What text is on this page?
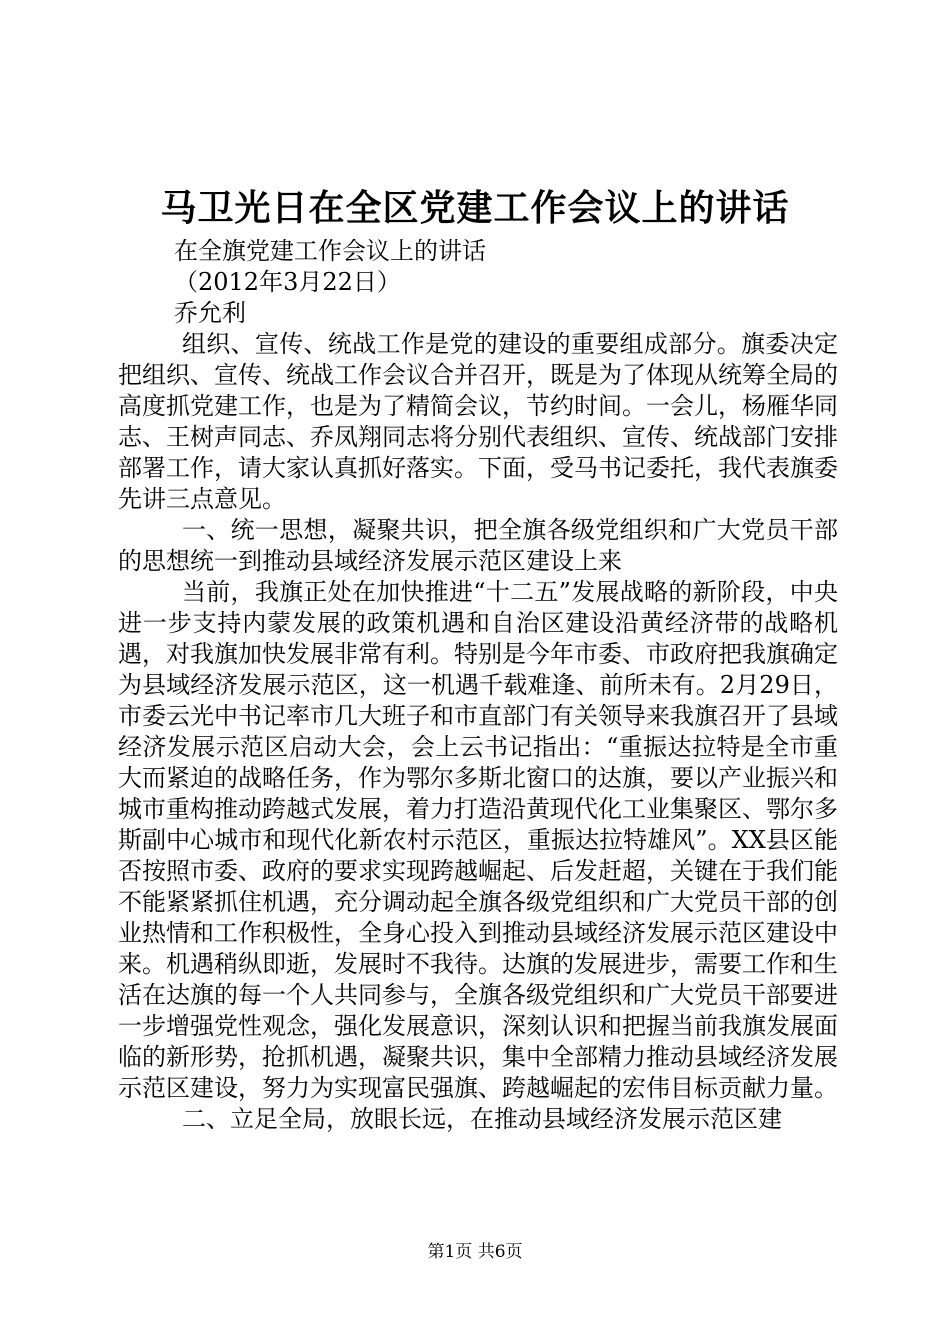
马卫光日在全区党建工作会议上的讲话

在全旗党建工作会议上的讲话

（2012年3月22日）

乔允利

组织、宣传、统战工作是党的建设的重要组成部分。旗委决定把组织、宣传、统战工作会议合并召开，既是为了体现从统筹全局的高度抓党建工作，也是为了精简会议，节约时间。一会儿，杨雁华同志、王树声同志、乔凤翔同志将分别代表组织、宣传、统战部门安排部署工作，请大家认真抓好落实。下面，受马书记委托，我代表旗委先讲三点意见。

一、统一思想，凝聚共识，把全旗各级党组织和广大党员干部的思想统一到推动县域经济发展示范区建设上来

当前，我旗正处在加快推进“十二五”发展战略的新阶段，中央进一步支持内蒙发展的政策机遇和自治区建设沿黄经济带的战略机遇，对我旗加快发展非常有利。特别是今年市委、市政府把我旗确定为县域经济发展示范区，这一机遇千载难逢、前所未有。2月29日，市委云光中书记率市几大班子和市直部门有关领导来我旗召开了县域经济发展示范区启动大会，会上云书记指出：“重振达拉特是全市重大而紧迫的战略任务，作为鄂尔多斯北窗口的达旗，要以产业振兴和城市重构推动跨越式发展，着力打造沿黄现代化工业集聚区、鄂尔多斯副中心城市和现代化新农村示范区，重振达拉特雄风”。XX县区能否按照市委、政府的要求实现跨越崛起、后发赶超，关键在于我们能不能紧紧抓住机遇，充分调动起全旗各级党组织和广大党员干部的创业热情和工作积极性，全身心投入到推动县域经济发展示范区建设中来。机遇稍纵即逝，发展时不我待。达旗的发展进步，需要工作和生活在达旗的每一个人共同参与，全旗各级党组织和广大党员干部要进一步增强党性观念，强化发展意识，深刻认识和把握当前我旗发展面临的新形势，抢抓机遇，凝聚共识，集中全部精力推动县域经济发展示范区建设，努力为实现富民强旗、跨越崛起的宏伟目标贡献力量。

二、立足全局，放眼长远，在推动县域经济发展示范区建

第1页 共6页
